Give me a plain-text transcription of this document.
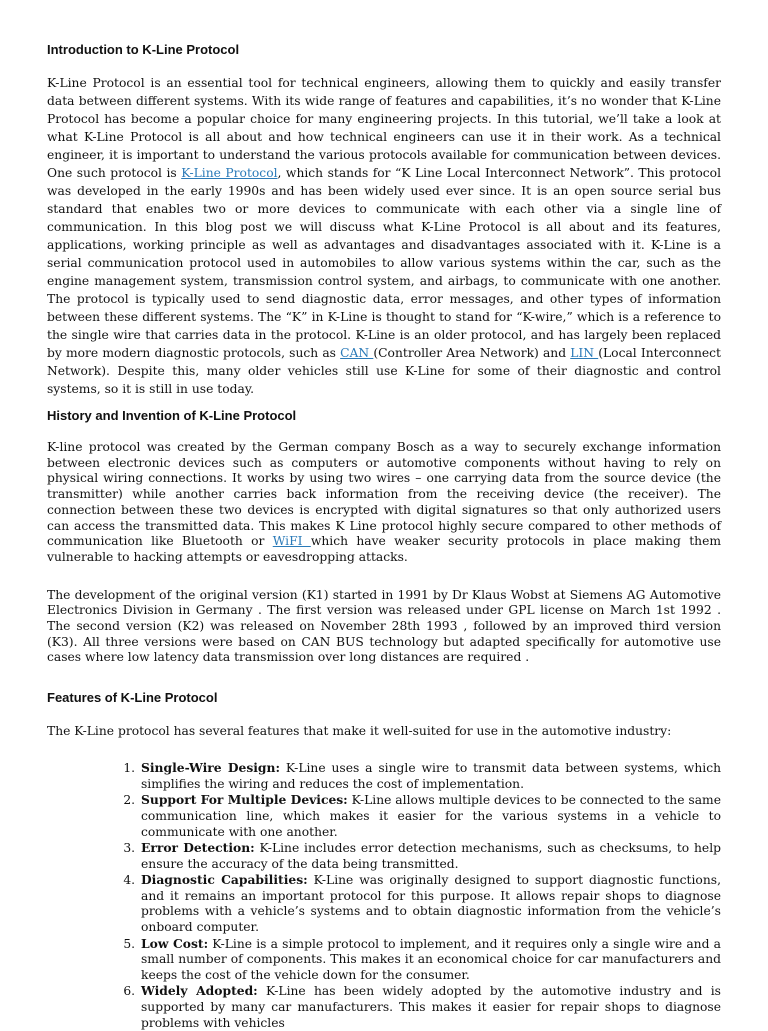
Introduction to K-Line Protocol

K-Line Protocol is an essential tool for technical engineers, allowing them to quickly and easily transfer data between different systems. With its wide range of features and capabilities, it’s no wonder that K-Line Protocol has become a popular choice for many engineering projects. In this tutorial, we’ll take a look at what K-Line Protocol is all about and how technical engineers can use it in their work. As a technical engineer, it is important to understand the various protocols available for communication between devices. One such protocol is K-Line Protocol, which stands for “K Line Local Interconnect Network”. This protocol was developed in the early 1990s and has been widely used ever since. It is an open source serial bus standard that enables two or more devices to communicate with each other via a single line of communication. In this blog post we will discuss what K-Line Protocol is all about and its features, applications, working principle as well as advantages and disadvantages associated with it. K-Line is a serial communication protocol used in automobiles to allow various systems within the car, such as the engine management system, transmission control system, and airbags, to communicate with one another. The protocol is typically used to send diagnostic data, error messages, and other types of information between these different systems. The “K” in K-Line is thought to stand for “K-wire,” which is a reference to the single wire that carries data in the protocol. K-Line is an older protocol, and has largely been replaced by more modern diagnostic protocols, such as CAN (Controller Area Network) and LIN (Local Interconnect Network). Despite this, many older vehicles still use K-Line for some of their diagnostic and control systems, so it is still in use today.

History and Invention of K-Line Protocol

K-line protocol was created by the German company Bosch as a way to securely exchange information between electronic devices such as computers or automotive components without having to rely on physical wiring connections. It works by using two wires – one carrying data from the source device (the transmitter) while another carries back information from the receiving device (the receiver). The connection between these two devices is encrypted with digital signatures so that only authorized users can access the transmitted data. This makes K Line protocol highly secure compared to other methods of communication like Bluetooth or WiFI which have weaker security protocols in place making them vulnerable to hacking attempts or eavesdropping attacks.

The development of the original version (K1) started in 1991 by Dr Klaus Wobst at Siemens AG Automotive Electronics Division in Germany . The first version was released under GPL license on March 1st 1992 . The second version (K2) was released on November 28th 1993 , followed by an improved third version (K3). All three versions were based on CAN BUS technology but adapted specifically for automotive use cases where low latency data transmission over long distances are required .

Features of K-Line Protocol

The K-Line protocol has several features that make it well-suited for use in the automotive industry:

1. Single-Wire Design: K-Line uses a single wire to transmit data between systems, which simplifies the wiring and reduces the cost of implementation.
2. Support For Multiple Devices: K-Line allows multiple devices to be connected to the same communication line, which makes it easier for the various systems in a vehicle to communicate with one another.
3. Error Detection: K-Line includes error detection mechanisms, such as checksums, to help ensure the accuracy of the data being transmitted.
4. Diagnostic Capabilities: K-Line was originally designed to support diagnostic functions, and it remains an important protocol for this purpose. It allows repair shops to diagnose problems with a vehicle’s systems and to obtain diagnostic information from the vehicle’s onboard computer.
5. Low Cost: K-Line is a simple protocol to implement, and it requires only a single wire and a small number of components. This makes it an economical choice for car manufacturers and keeps the cost of the vehicle down for the consumer.
6. Widely Adopted: K-Line has been widely adopted by the automotive industry and is supported by many car manufacturers. This makes it easier for repair shops to diagnose problems with vehicles
